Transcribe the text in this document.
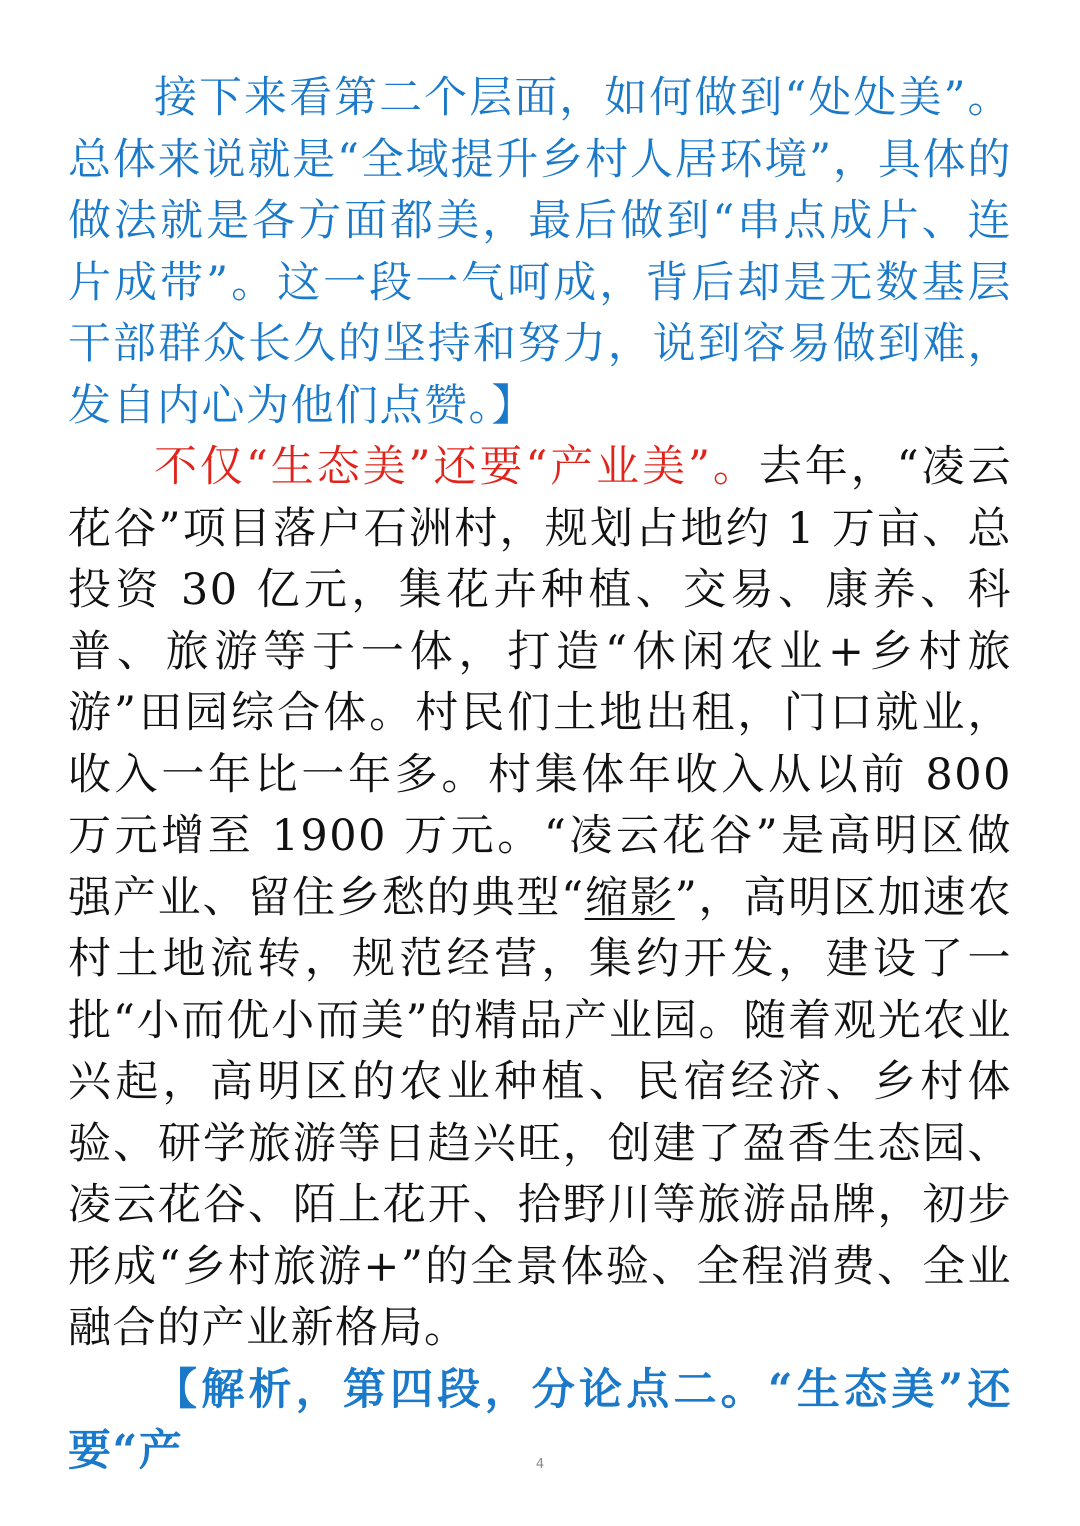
接下来看第二个层面，如何做到“处处美”。总体来说就是“全域提升乡村人居环境”，具体的做法就是各方面都美，最后做到“串点成片、连片成带”。这一段一气呵成，背后却是无数基层干部群众长久的坚持和努力，说到容易做到难，发自内心为他们点赞。】

不仅“生态美”还要“产业美”。去年，“凌云花谷”项目落户石洲村，规划占地约 1 万亩、总投资 30 亿元，集花卉种植、交易、康养、科普、旅游等于一体，打造“休闲农业+乡村旅游”田园综合体。村民们土地出租，门口就业，收入一年比一年多。村集体年收入从以前 800 万元增至 1900 万元。“凌云花谷”是高明区做强产业、留住乡愁的典型“缩影”，高明区加速农村土地流转，规范经营，集约开发，建设了一批“小而优小而美”的精品产业园。随着观光农业兴起，高明区的农业种植、民宿经济、乡村体验、研学旅游等日趋兴旺，创建了盈香生态园、凌云花谷、陌上花开、拾野川等旅游品牌，初步形成“乡村旅游+”的全景体验、全程消费、全业融合的产业新格局。

【解析，第四段，分论点二。“生态美”还要“产	4
